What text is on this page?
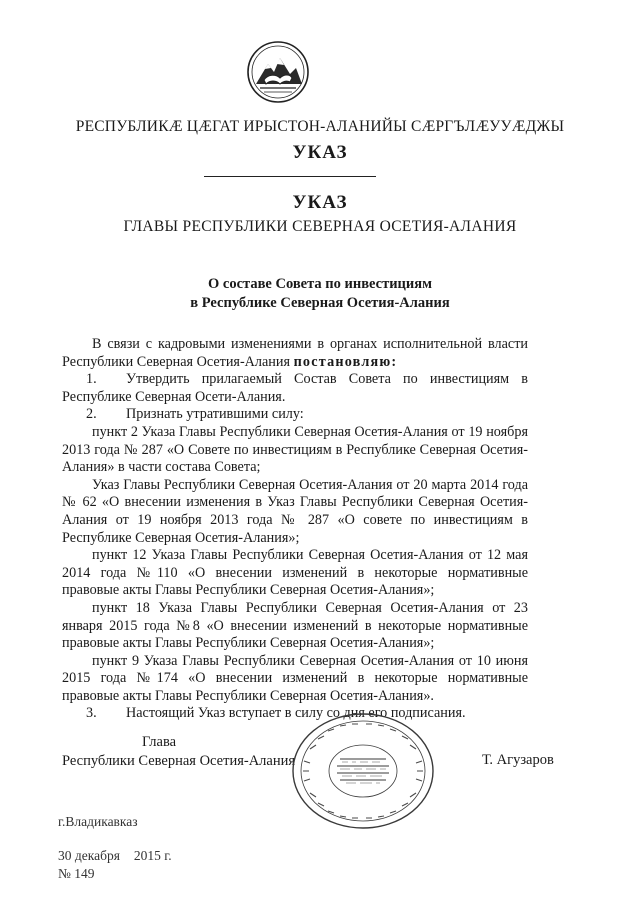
РЕСПУБЛИКӔ ЦӔГАТ ИРЫСТОН-АЛАНИЙЫ СӔРГЪЛӔУУӔДЖЫ
УКАЗ
УКАЗ
ГЛАВЫ РЕСПУБЛИКИ СЕВЕРНАЯ ОСЕТИЯ-АЛАНИЯ
О составе Совета по инвестициям
в Республике Северная Осетия-Алания

В связи с кадровыми изменениями в органах исполнительной власти Республики Северная Осетия-Алания постановляю:

1. Утвердить прилагаемый Состав Совета по инвестициям в Республике Северная Осети-Алания.

2. Признать утратившими силу:

пункт 2 Указа Главы Республики Северная Осетия-Алания от 19 ноября 2013 года № 287 «О Совете по инвестициям в Республике Северная Осетия-Алания» в части состава Совета;

Указ Главы Республики Северная Осетия-Алания от 20 марта 2014 года № 62 «О внесении изменения в Указ Главы Республики Северная Осетия-Алания от 19 ноября 2013 года № 287 «О совете по инвестициям в Республике Северная Осетия-Алания»;

пункт 12 Указа Главы Республики Северная Осетия-Алания от 12 мая 2014 года №110 «О внесении изменений в некоторые нормативные правовые акты Главы Республики Северная Осетия-Алания»;

пункт 18 Указа Главы Республики Северная Осетия-Алания от 23 января 2015 года №8 «О внесении изменений в некоторые нормативные правовые акты Главы Республики Северная Осетия-Алания»;

пункт 9 Указа Главы Республики Северная Осетия-Алания от 10 июня 2015 года №174 «О внесении изменений в некоторые нормативные правовые акты Главы Республики Северная Осетия-Алания».

3. Настоящий Указ вступает в силу со дня его подписания.

Глава
Республики Северная Осетия-Алания	Т. Агузаров
г.Владикавказ
30 декабря 2015 г.
№ 149
